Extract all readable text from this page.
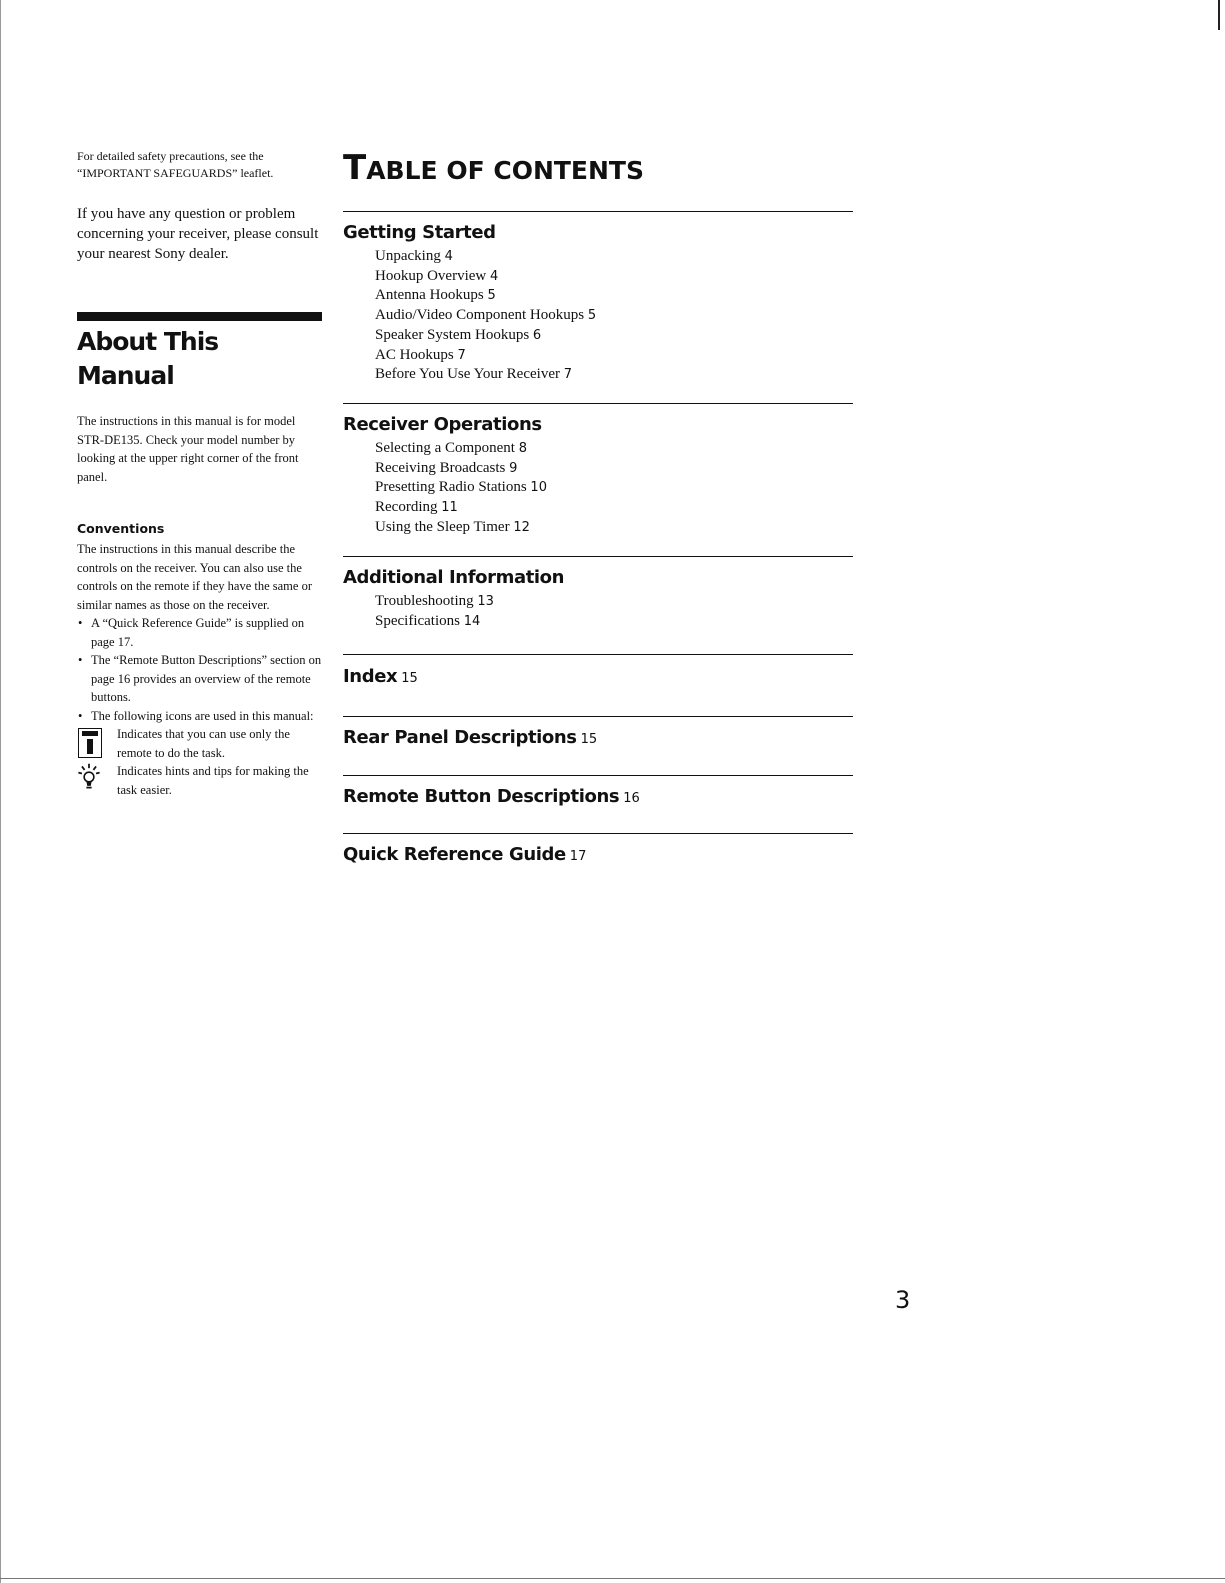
For detailed safety precautions, see the “IMPORTANT SAFEGUARDS” leaflet.

If you have any question or problem concerning your receiver, please consult your nearest Sony dealer.

About This Manual

The instructions in this manual is for model STR-DE135. Check your model number by looking at the upper right corner of the front panel.

Conventions

The instructions in this manual describe the controls on the receiver. You can also use the controls on the remote if they have the same or similar names as those on the receiver.

• A “Quick Reference Guide” is supplied on page 17.
• The “Remote Button Descriptions” section on page 16 provides an overview of the remote buttons.
• The following icons are used in this manual:
Indicates that you can use only the remote to do the task.
Indicates hints and tips for making the task easier.
TABLE OF CONTENTS
Getting Started
Unpacking 4
Hookup Overview 4
Antenna Hookups 5
Audio/Video Component Hookups 5
Speaker System Hookups 6
AC Hookups 7
Before You Use Your Receiver 7
Receiver Operations
Selecting a Component 8
Receiving Broadcasts 9
Presetting Radio Stations 10
Recording 11
Using the Sleep Timer 12
Additional Information
Troubleshooting 13
Specifications 14
Index 15
Rear Panel Descriptions 15
Remote Button Descriptions 16
Quick Reference Guide 17
3
